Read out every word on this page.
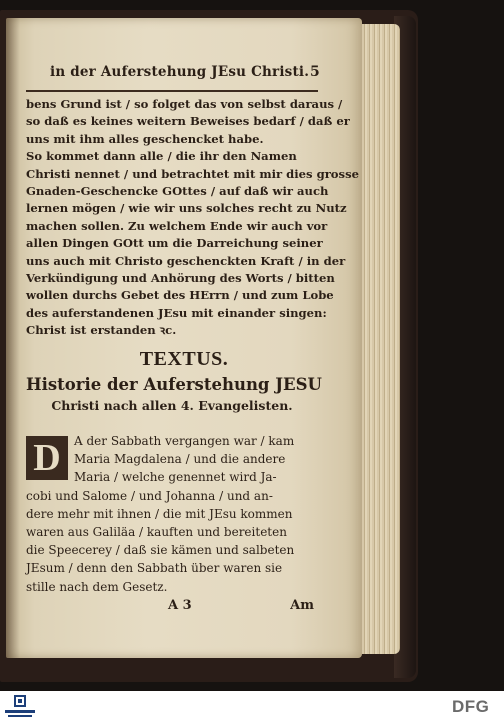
in der Auferstehung JEsu Christi. 5
bens Grund ist / so folget das von selbst daraus /
so daß es keines weitern Beweises bedarf / daß er
uns mit ihm alles geschencket habe.
So kommet dann alle / die ihr den Namen
Christi nennet / und betrachtet mit mir dies grosse
Gnaden-Geschencke GOttes / auf daß wir auch
lernen mögen / wie wir uns solches recht zu Nutz
machen sollen. Zu welchem Ende wir auch vor
allen Dingen GOtt um die Darreichung seiner
uns auch mit Christo geschenckten Kraft / in der
Verkündigung und Anhörung des Worts / bitten
wollen durchs Gebet des HErrn / und zum Lobe
des auferstandenen JEsu mit einander singen:
Christ ist erstanden ꝛc.
TEXTUS.
Historie der Auferstehung JESU
Christi nach allen 4. Evangelisten.
D	A der Sabbath vergangen war / kam
Maria Magdalena / und die andere
Maria / welche genennet wird Ja-
cobi und Salome / und Johanna / und an-
dere mehr mit ihnen / die mit JEsu kommen
waren aus Galiläa / kauften und bereiteten
die Speecerey / daß sie kämen und salbeten
JEsum / denn den Sabbath über waren sie
stille nach dem Gesetz.
A 3	Am
DFG
